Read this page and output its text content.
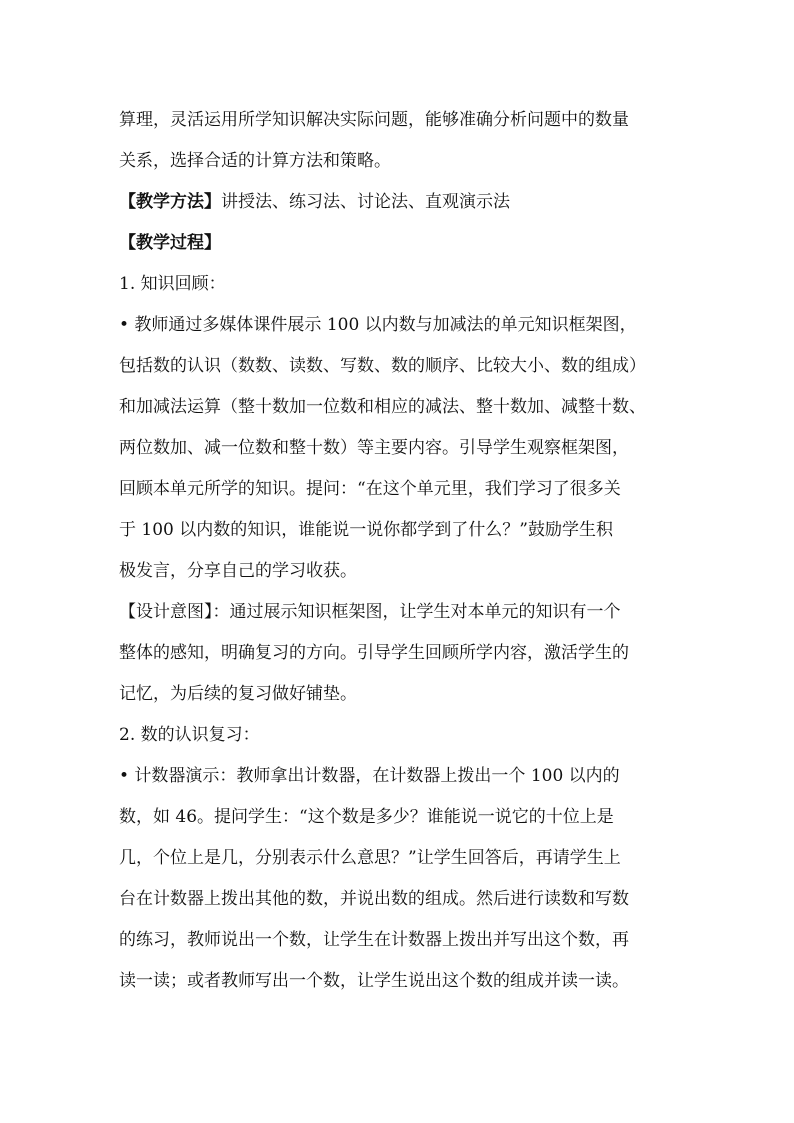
算理，灵活运用所学知识解决实际问题，能够准确分析问题中的数量
关系，选择合适的计算方法和策略。
【教学方法】讲授法、练习法、讨论法、直观演示法
【教学过程】
1. 知识回顾：
• 教师通过多媒体课件展示 100 以内数与加减法的单元知识框架图，
包括数的认识（数数、读数、写数、数的顺序、比较大小、数的组成）
和加减法运算（整十数加一位数和相应的减法、整十数加、减整十数、
两位数加、减一位数和整十数）等主要内容。引导学生观察框架图，
回顾本单元所学的知识。提问：“在这个单元里，我们学习了很多关
于 100 以内数的知识，谁能说一说你都学到了什么？”鼓励学生积
极发言，分享自己的学习收获。
【设计意图】：通过展示知识框架图，让学生对本单元的知识有一个
整体的感知，明确复习的方向。引导学生回顾所学内容，激活学生的
记忆，为后续的复习做好铺垫。
2. 数的认识复习：
• 计数器演示：教师拿出计数器，在计数器上拨出一个 100 以内的
数，如 46。提问学生：“这个数是多少？谁能说一说它的十位上是
几，个位上是几，分别表示什么意思？”让学生回答后，再请学生上
台在计数器上拨出其他的数，并说出数的组成。然后进行读数和写数
的练习，教师说出一个数，让学生在计数器上拨出并写出这个数，再
读一读；或者教师写出一个数，让学生说出这个数的组成并读一读。
